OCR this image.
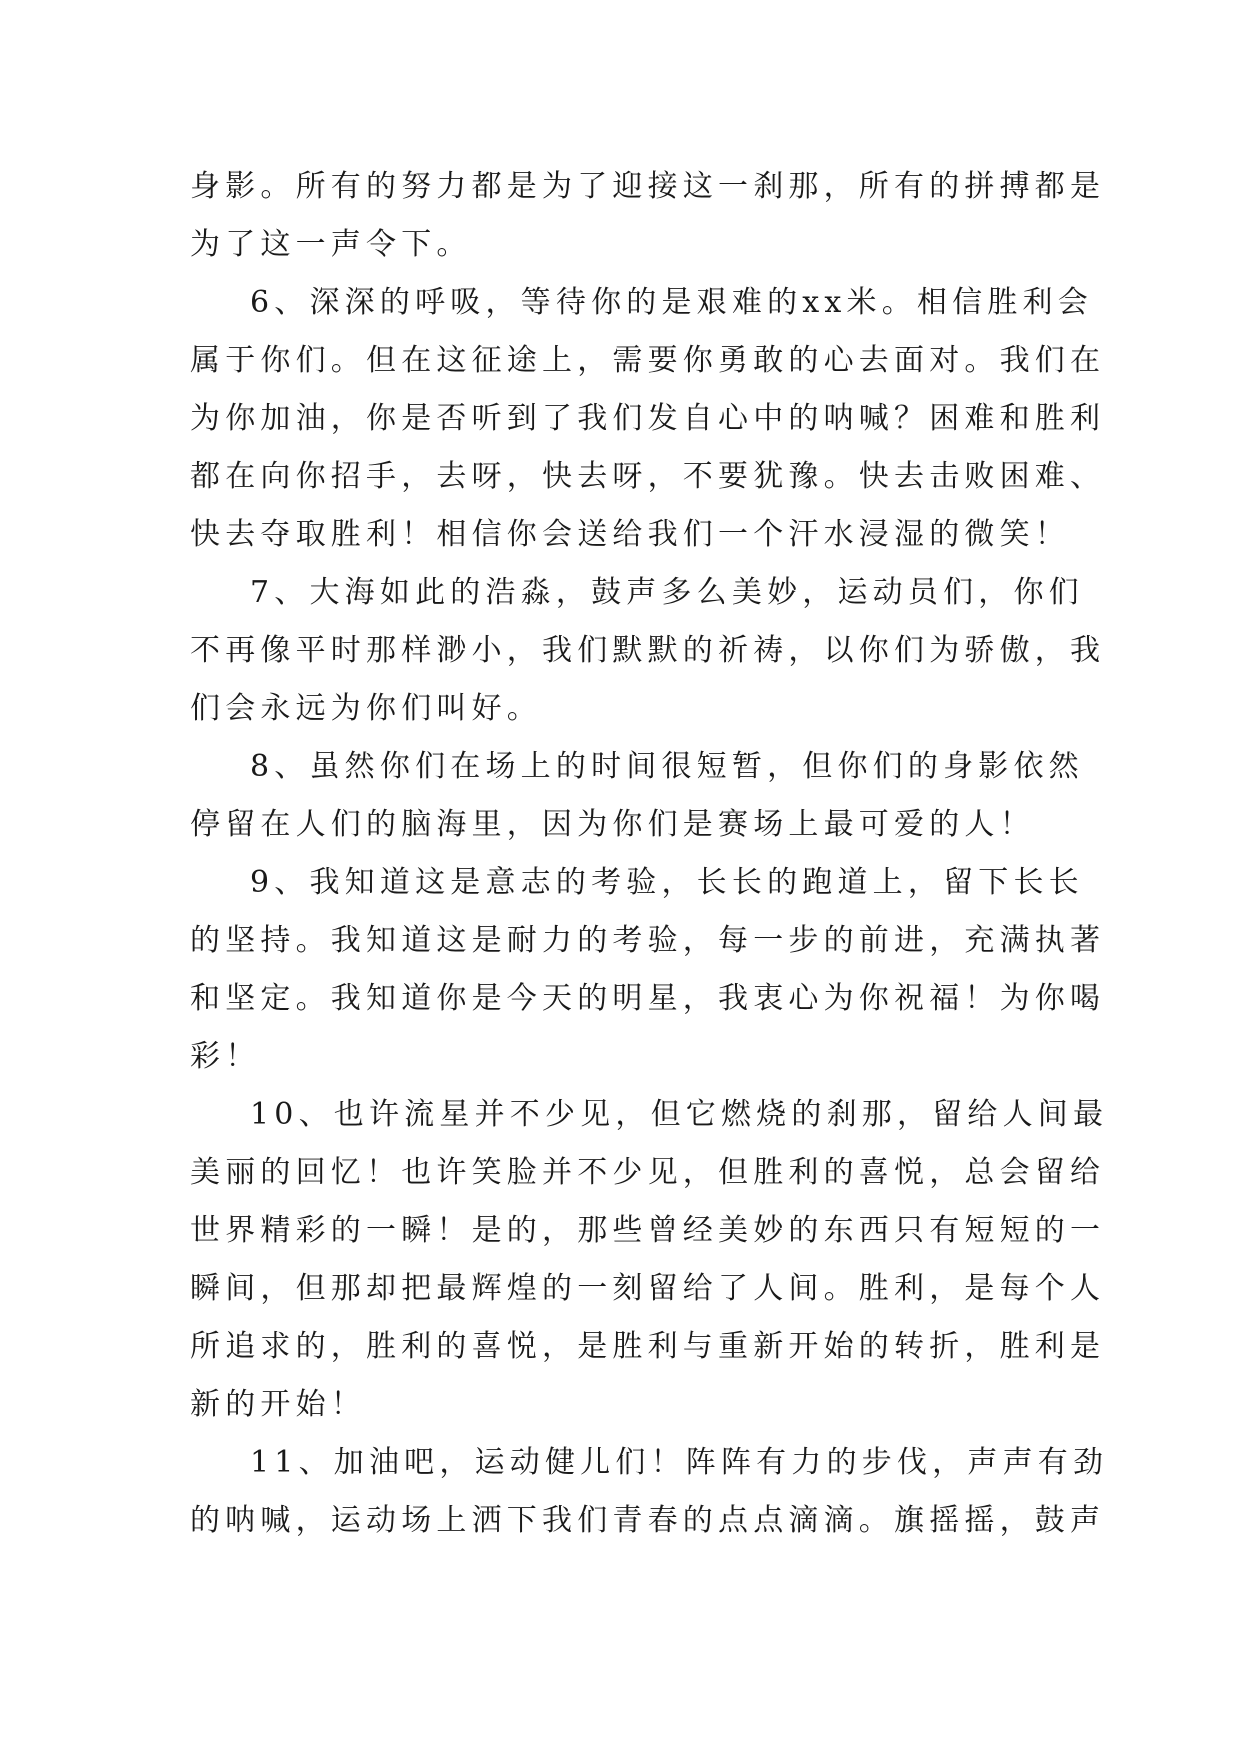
身影。所有的努力都是为了迎接这一刹那，所有的拼搏都是
为了这一声令下。
6、深深的呼吸，等待你的是艰难的xx米。相信胜利会
属于你们。但在这征途上，需要你勇敢的心去面对。我们在
为你加油，你是否听到了我们发自心中的呐喊？困难和胜利
都在向你招手，去呀，快去呀，不要犹豫。快去击败困难、
快去夺取胜利！相信你会送给我们一个汗水浸湿的微笑！
7、大海如此的浩淼，鼓声多么美妙，运动员们，你们
不再像平时那样渺小，我们默默的祈祷，以你们为骄傲，我
们会永远为你们叫好。
8、虽然你们在场上的时间很短暂，但你们的身影依然
停留在人们的脑海里，因为你们是赛场上最可爱的人！
9、我知道这是意志的考验，长长的跑道上，留下长长
的坚持。我知道这是耐力的考验，每一步的前进，充满执著
和坚定。我知道你是今天的明星，我衷心为你祝福！为你喝
彩！
10、也许流星并不少见，但它燃烧的刹那，留给人间最
美丽的回忆！也许笑脸并不少见，但胜利的喜悦，总会留给
世界精彩的一瞬！是的，那些曾经美妙的东西只有短短的一
瞬间，但那却把最辉煌的一刻留给了人间。胜利，是每个人
所追求的，胜利的喜悦，是胜利与重新开始的转折，胜利是
新的开始！
11、加油吧，运动健儿们！阵阵有力的步伐，声声有劲
的呐喊，运动场上洒下我们青春的点点滴滴。旗摇摇，鼓声
